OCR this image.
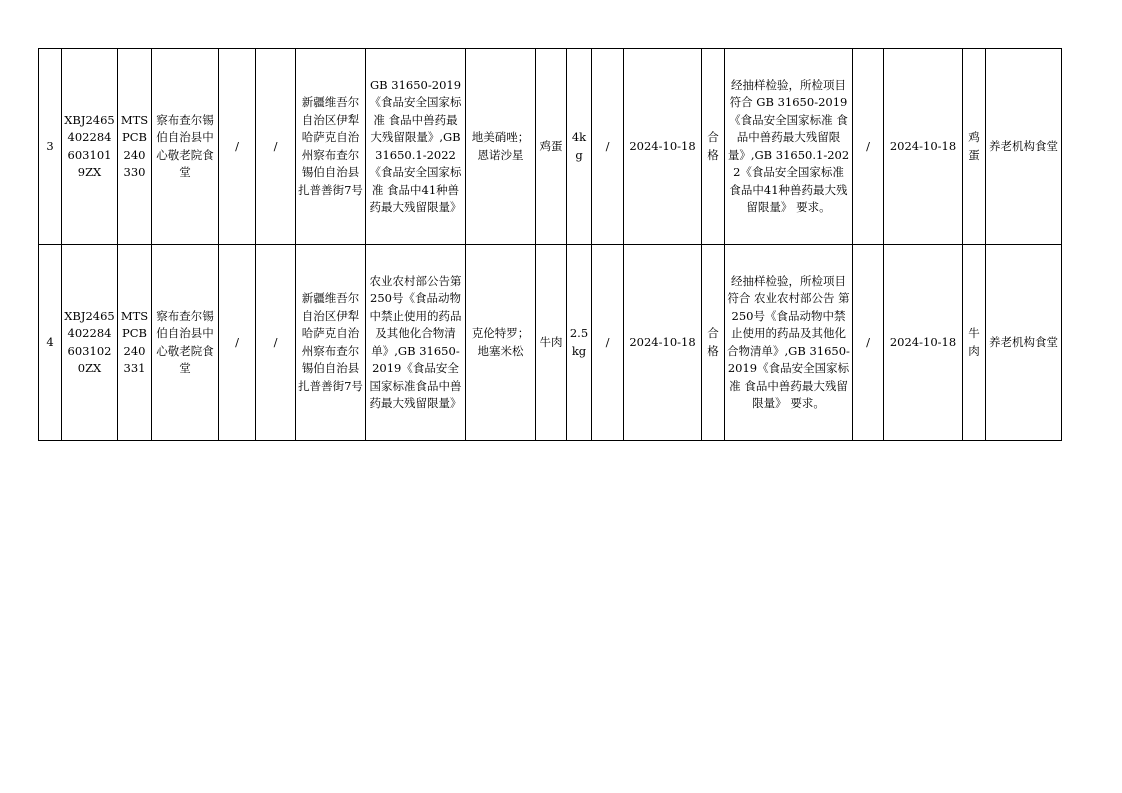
3	XBJ24654022846031019ZX	MTSPCB240330	察布查尔锡伯自治县中心敬老院食堂	/	/	新疆维吾尔自治区伊犁哈萨克自治州察布查尔锡伯自治县扎普善街7号	GB 31650-2019《食品安全国家标准 食品中兽药最大残留限量》,GB 31650.1-2022《食品安全国家标准 食品中41种兽药最大残留限量》	地美硝唑；恩诺沙星	鸡蛋	4kg	/	2024-10-18	合格	经抽样检验，所检项目符合 GB 31650-2019《食品安全国家标准 食品中兽药最大残留限量》,GB 31650.1-2022《食品安全国家标准 食品中41种兽药最大残留限量》 要求。	/	2024-10-18	鸡蛋	养老机构食堂
4	XBJ24654022846031020ZX	MTSPCB240331	察布查尔锡伯自治县中心敬老院食堂	/	/	新疆维吾尔自治区伊犁哈萨克自治州察布查尔锡伯自治县扎普善街7号	农业农村部公告第250号《食品动物中禁止使用的药品及其他化合物清单》,GB 31650-2019《食品安全国家标准食品中兽药最大残留限量》	克伦特罗；地塞米松	牛肉	2.5kg	/	2024-10-18	合格	经抽样检验，所检项目符合 农业农村部公告 第250号《食品动物中禁止使用的药品及其他化合物清单》,GB 31650-2019《食品安全国家标准 食品中兽药最大残留限量》 要求。	/	2024-10-18	牛肉	养老机构食堂
